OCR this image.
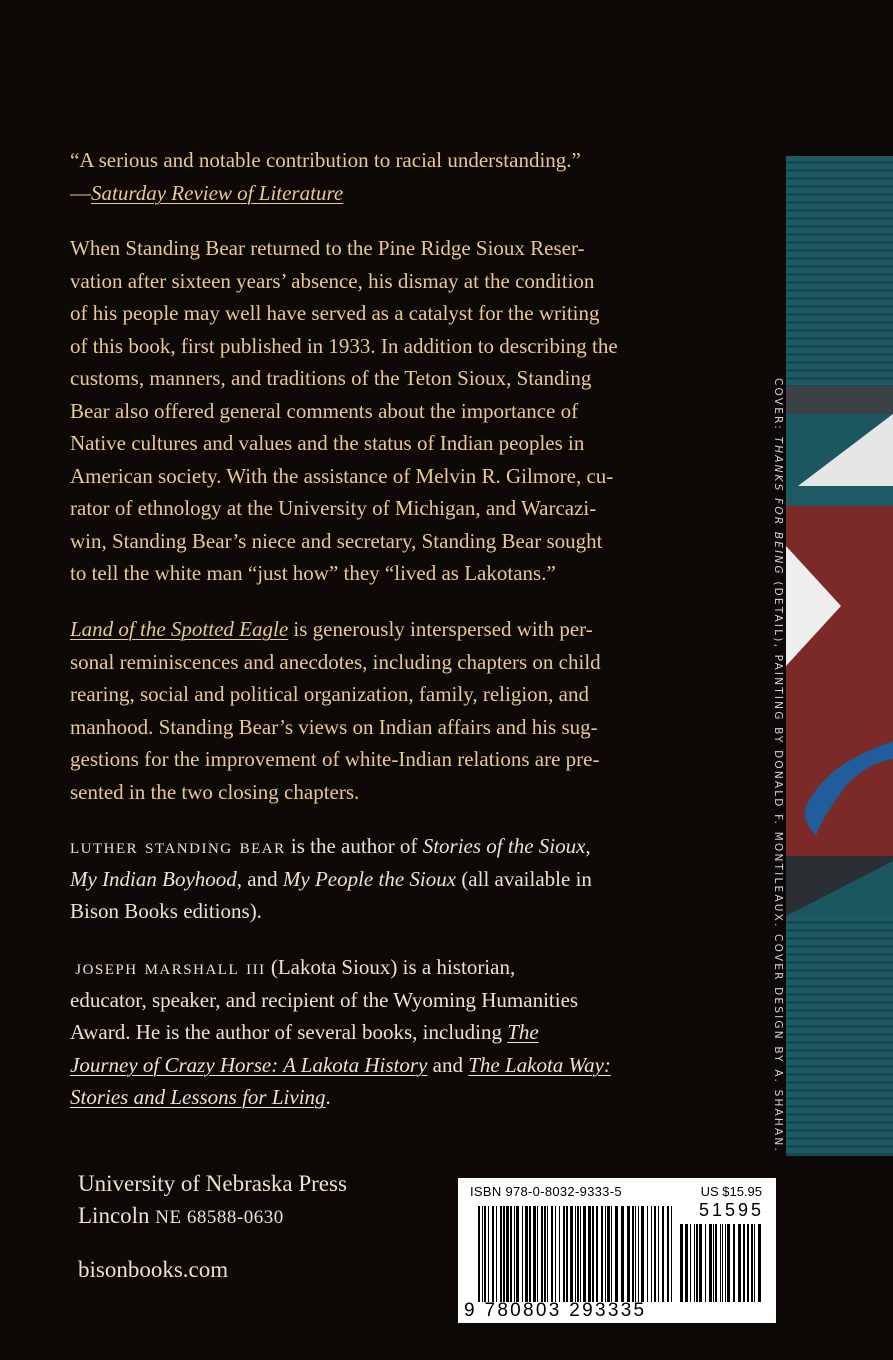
“A serious and notable contribution to racial understanding.”

—Saturday Review of Literature

When Standing Bear returned to the Pine Ridge Sioux Reser-

vation after sixteen years’ absence, his dismay at the condition

of his people may well have served as a catalyst for the writing

of this book, first published in 1933. In addition to describing the

customs, manners, and traditions of the Teton Sioux, Standing

Bear also offered general comments about the importance of

Native cultures and values and the status of Indian peoples in

American society. With the assistance of Melvin R. Gilmore, cu-

rator of ethnology at the University of Michigan, and Warcazi-

win, Standing Bear’s niece and secretary, Standing Bear sought

to tell the white man “just how” they “lived as Lakotans.”

Land of the Spotted Eagle is generously interspersed with per-

sonal reminiscences and anecdotes, including chapters on child

rearing, social and political organization, family, religion, and

manhood. Standing Bear’s views on Indian affairs and his sug-

gestions for the improvement of white-Indian relations are pre-

sented in the two closing chapters.

luther standing bear is the author of Stories of the Sioux,

My Indian Boyhood, and My People the Sioux (all available in

Bison Books editions).

joseph marshall iii (Lakota Sioux) is a historian,

educator, speaker, and recipient of the Wyoming Humanities

Award. He is the author of several books, including The

Journey of Crazy Horse: A Lakota History and The Lakota Way:

Stories and Lessons for Living.

University of Nebraska Press
Lincoln NE 68588-0630
bisonbooks.com
COVER: THANKS FOR BEING (DETAIL), PAINTING BY DONALD F. MONTILEAUX. COVER DESIGN BY A. SHAHAN.
ISBN 978-0-8032-9333-5	US $15.95
51595
9 780803 293335
